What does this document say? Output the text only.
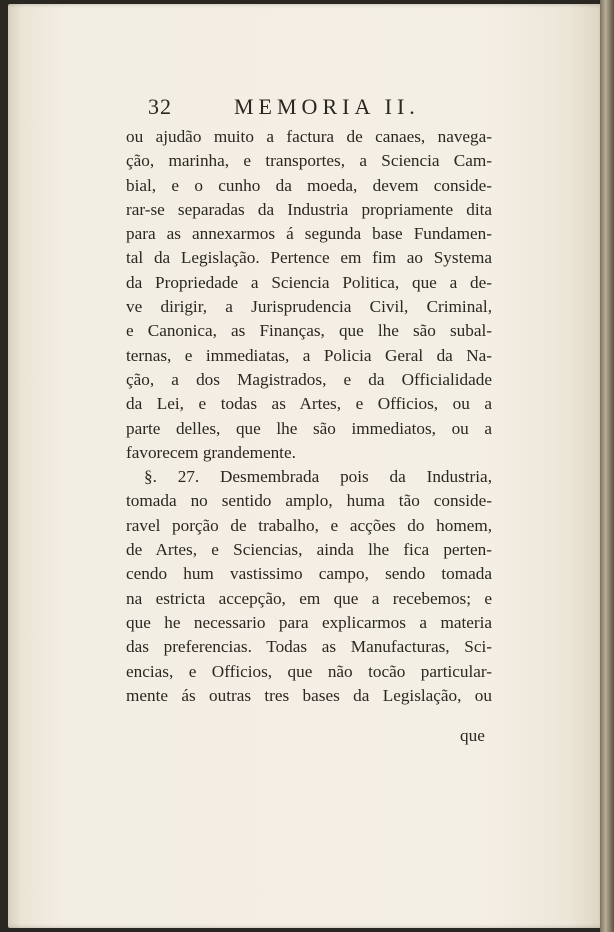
32	MEMORIA II.
ou ajudão muito a factura de canaes, navega-
ção, marinha, e transportes, a Sciencia Cam-
bial, e o cunho da moeda, devem conside-
rar-se separadas da Industria propriamente dita
para as annexarmos á segunda base Fundamen-
tal da Legislação. Pertence em fim ao Systema
da Propriedade a Sciencia Politica, que a de-
ve dirigir, a Jurisprudencia Civil, Criminal,
e Canonica, as Finanças, que lhe são subal-
ternas, e immediatas, a Policia Geral da Na-
ção, a dos Magistrados, e da Officialidade
da Lei, e todas as Artes, e Officios, ou a
parte delles, que lhe são immediatos, ou a
favorecem grandemente.
§. 27. Desmembrada pois da Industria,
tomada no sentido amplo, huma tão conside-
ravel porção de trabalho, e acções do homem,
de Artes, e Sciencias, ainda lhe fica perten-
cendo hum vastissimo campo, sendo tomada
na estricta accepção, em que a recebemos; e
que he necessario para explicarmos a materia
das preferencias. Todas as Manufacturas, Sci-
encias, e Officios, que não tocão particular-
mente ás outras tres bases da Legislação, ou
que
